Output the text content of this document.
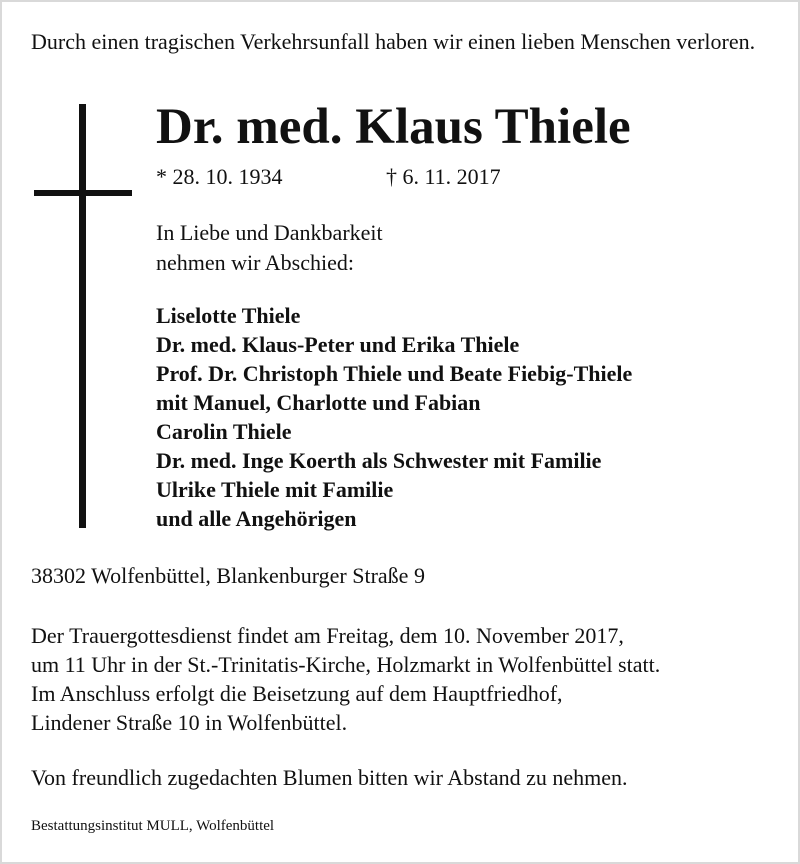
Durch einen tragischen Verkehrsunfall haben wir einen lieben Menschen verloren.
Dr. med. Klaus Thiele
* 28. 10. 1934	† 6. 11. 2017
In Liebe und Dankbarkeit
nehmen wir Abschied:
Liselotte Thiele
Dr. med. Klaus-Peter und Erika Thiele
Prof. Dr. Christoph Thiele und Beate Fiebig-Thiele
mit Manuel, Charlotte und Fabian
Carolin Thiele
Dr. med. Inge Koerth als Schwester mit Familie
Ulrike Thiele mit Familie
und alle Angehörigen
38302 Wolfenbüttel, Blankenburger Straße 9
Der Trauergottesdienst findet am Freitag, dem 10. November 2017,
um 11 Uhr in der St.-Trinitatis-Kirche, Holzmarkt in Wolfenbüttel statt.
Im Anschluss erfolgt die Beisetzung auf dem Hauptfriedhof,
Lindener Straße 10 in Wolfenbüttel.
Von freundlich zugedachten Blumen bitten wir Abstand zu nehmen.
Bestattungsinstitut MULL, Wolfenbüttel
